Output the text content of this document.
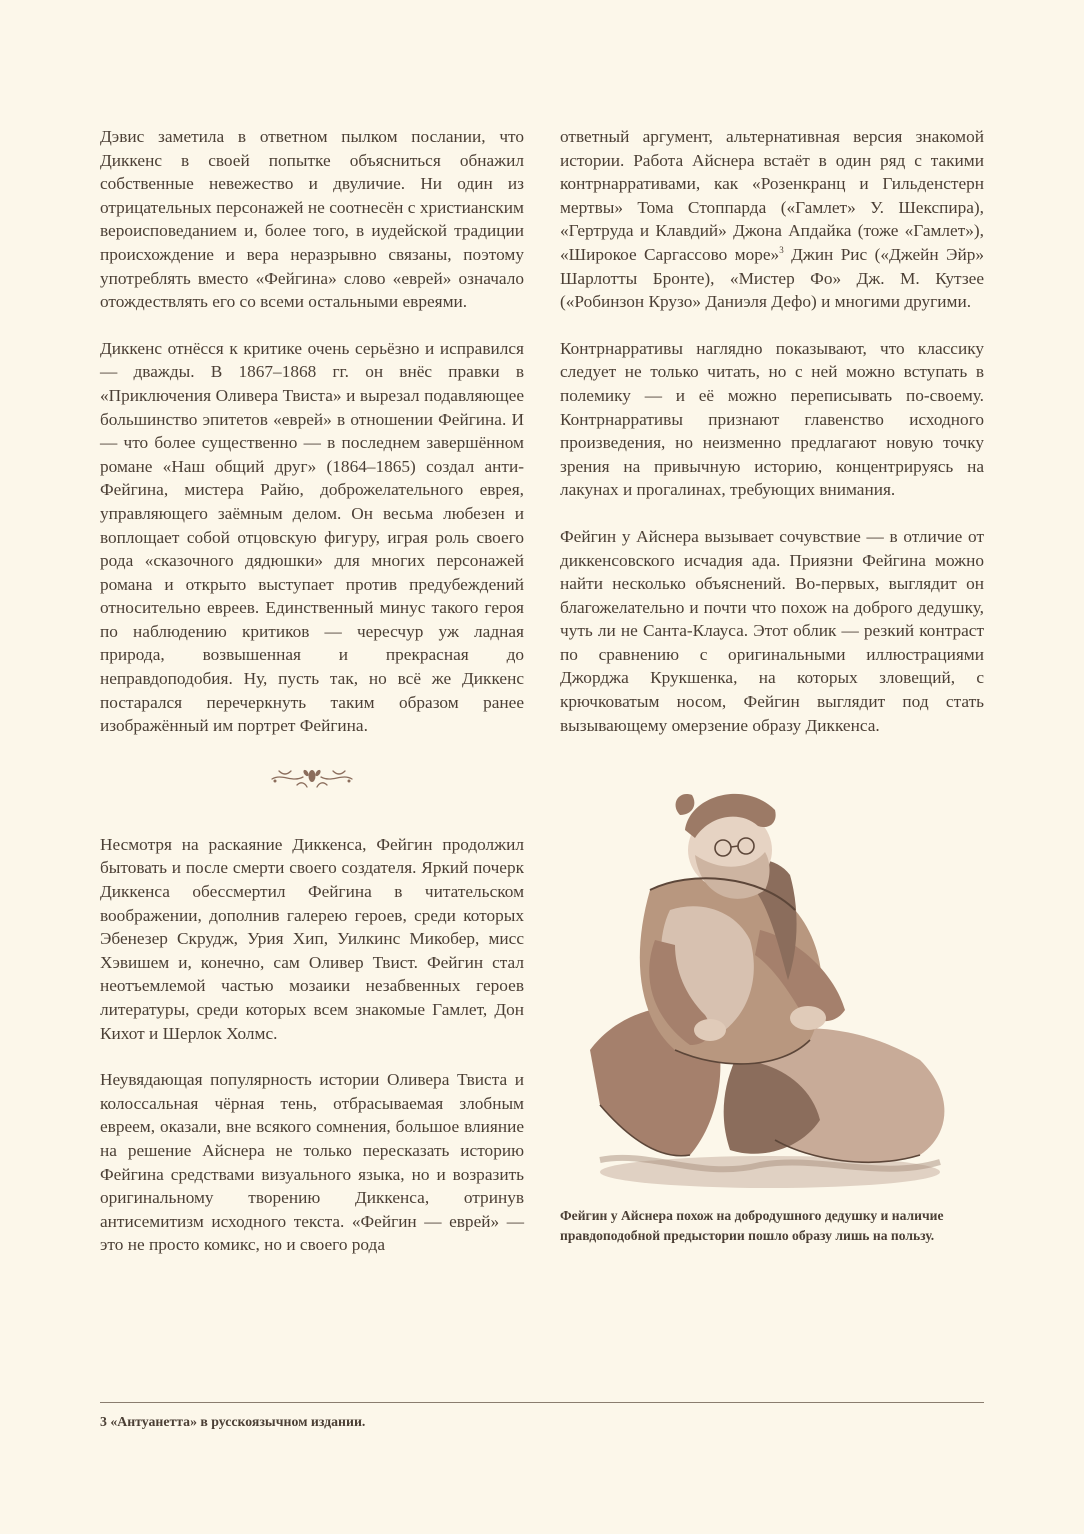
Дэвис заметила в ответном пылком послании, что Диккенс в своей попытке объясниться обнажил собственные невежество и двуличие. Ни один из отрицательных персонажей не соотнесён с христианским вероисповеданием и, более того, в иудейской традиции происхождение и вера неразрывно связаны, поэтому употреблять вместо «Фейгина» слово «еврей» означало отождествлять его со всеми остальными евреями.

Диккенс отнёсся к критике очень серьёзно и исправился — дважды. В 1867–1868 гг. он внёс правки в «Приключения Оливера Твиста» и вырезал подавляющее большинство эпитетов «еврей» в отношении Фейгина. И — что более существенно — в последнем завершённом романе «Наш общий друг» (1864–1865) создал анти-Фейгина, мистера Райю, доброжелательного еврея, управляющего заёмным делом. Он весьма любезен и воплощает собой отцовскую фигуру, играя роль своего рода «сказочного дядюшки» для многих персонажей романа и открыто выступает против предубеждений относительно евреев. Единственный минус такого героя по наблюдению критиков — чересчур уж ладная природа, возвышенная и прекрасная до неправдоподобия. Ну, пусть так, но всё же Диккенс постарался перечеркнуть таким образом ранее изображённый им портрет Фейгина.

Несмотря на раскаяние Диккенса, Фейгин продолжил бытовать и после смерти своего создателя. Яркий почерк Диккенса обессмертил Фейгина в читательском воображении, дополнив галерею героев, среди которых Эбенезер Скрудж, Урия Хип, Уилкинс Микобер, мисс Хэвишем и, конечно, сам Оливер Твист. Фейгин стал неотъемлемой частью мозаики незабвенных героев литературы, среди которых всем знакомые Гамлет, Дон Кихот и Шерлок Холмс.

Неувядающая популярность истории Оливера Твиста и колоссальная чёрная тень, отбрасываемая злобным евреем, оказали, вне всякого сомнения, большое влияние на решение Айснера не только пересказать историю Фейгина средствами визуального языка, но и возразить оригинальному творению Диккенса, отринув антисемитизм исходного текста. «Фейгин — еврей» — это не просто комикс, но и своего рода

ответный аргумент, альтернативная версия знакомой истории. Работа Айснера встаёт в один ряд с такими контрнарративами, как «Розенкранц и Гильденстерн мертвы» Тома Стоппарда («Гамлет» У. Шекспира), «Гертруда и Клавдий» Джона Апдайка (тоже «Гамлет»), «Широкое Саргассово море»$^3$ Джин Рис («Джейн Эйр» Шарлотты Бронте), «Мистер Фо» Дж. М. Кутзее («Робинзон Крузо» Даниэля Дефо) и многими другими.

Контрнарративы наглядно показывают, что классику следует не только читать, но с ней можно вступать в полемику — и её можно переписывать по-своему. Контрнарративы признают главенство исходного произведения, но неизменно предлагают новую точку зрения на привычную историю, концентрируясь на лакунах и прогалинах, требующих внимания.

Фейгин у Айснера вызывает сочувствие — в отличие от диккенсовского исчадия ада. Приязни Фейгина можно найти несколько объяснений. Во-первых, выглядит он благожелательно и почти что похож на доброго дедушку, чуть ли не Санта-Клауса. Этот облик — резкий контраст по сравнению с оригинальными иллюстрациями Джорджа Крукшенка, на которых зловещий, с крючковатым носом, Фейгин выглядит под стать вызывающему омерзение образу Диккенса.

Фейгин у Айснера похож на добродушного дедушку и наличие правдоподобной предыстории пошло образу лишь на пользу.

3 «Антуанетта» в русскоязычном издании.
